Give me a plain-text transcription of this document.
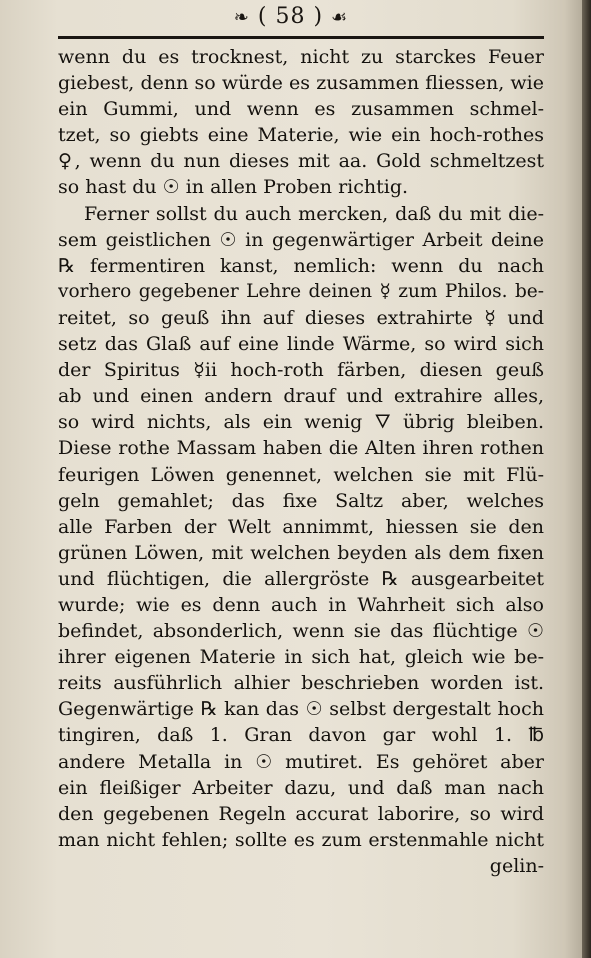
❧ ( 58 ) ☙
wenn du es trocknest, nicht zu starckes Feuer
giebest, denn so würde es zusammen fliessen, wie
ein Gummi, und wenn es zusammen schmel-
tzet, so giebts eine Materie, wie ein hoch-rothes
♀, wenn du nun dieses mit aa. Gold schmeltzest
so hast du ☉ in allen Proben richtig.
Ferner sollst du auch mercken, daß du mit die-
sem geistlichen ☉ in gegenwärtiger Arbeit deine
℞ fermentiren kanst, nemlich: wenn du nach
vorhero gegebener Lehre deinen ☿ zum Philos. be-
reitet, so geuß ihn auf dieses extrahirte ☿ und
setz das Glaß auf eine linde Wärme, so wird sich
der Spiritus ☿ii hoch-roth färben, diesen geuß
ab und einen andern drauf und extrahire alles,
so wird nichts, als ein wenig 🜄 übrig bleiben.
Diese rothe Massam haben die Alten ihren rothen
feurigen Löwen genennet, welchen sie mit Flü-
geln gemahlet; das fixe Saltz aber, welches
alle Farben der Welt annimmt, hiessen sie den
grünen Löwen, mit welchen beyden als dem fixen
und flüchtigen, die allergröste ℞ ausgearbeitet
wurde; wie es denn auch in Wahrheit sich also
befindet, absonderlich, wenn sie das flüchtige ☉
ihrer eigenen Materie in sich hat, gleich wie be-
reits ausführlich alhier beschrieben worden ist.
Gegenwärtige ℞ kan das ☉ selbst dergestalt hoch
tingiren, daß 1. Gran davon gar wohl 1. ℔
andere Metalla in ☉ mutiret. Es gehöret aber
ein fleißiger Arbeiter dazu, und daß man nach
den gegebenen Regeln accurat laborire, so wird
man nicht fehlen; sollte es zum erstenmahle nicht
gelin-
